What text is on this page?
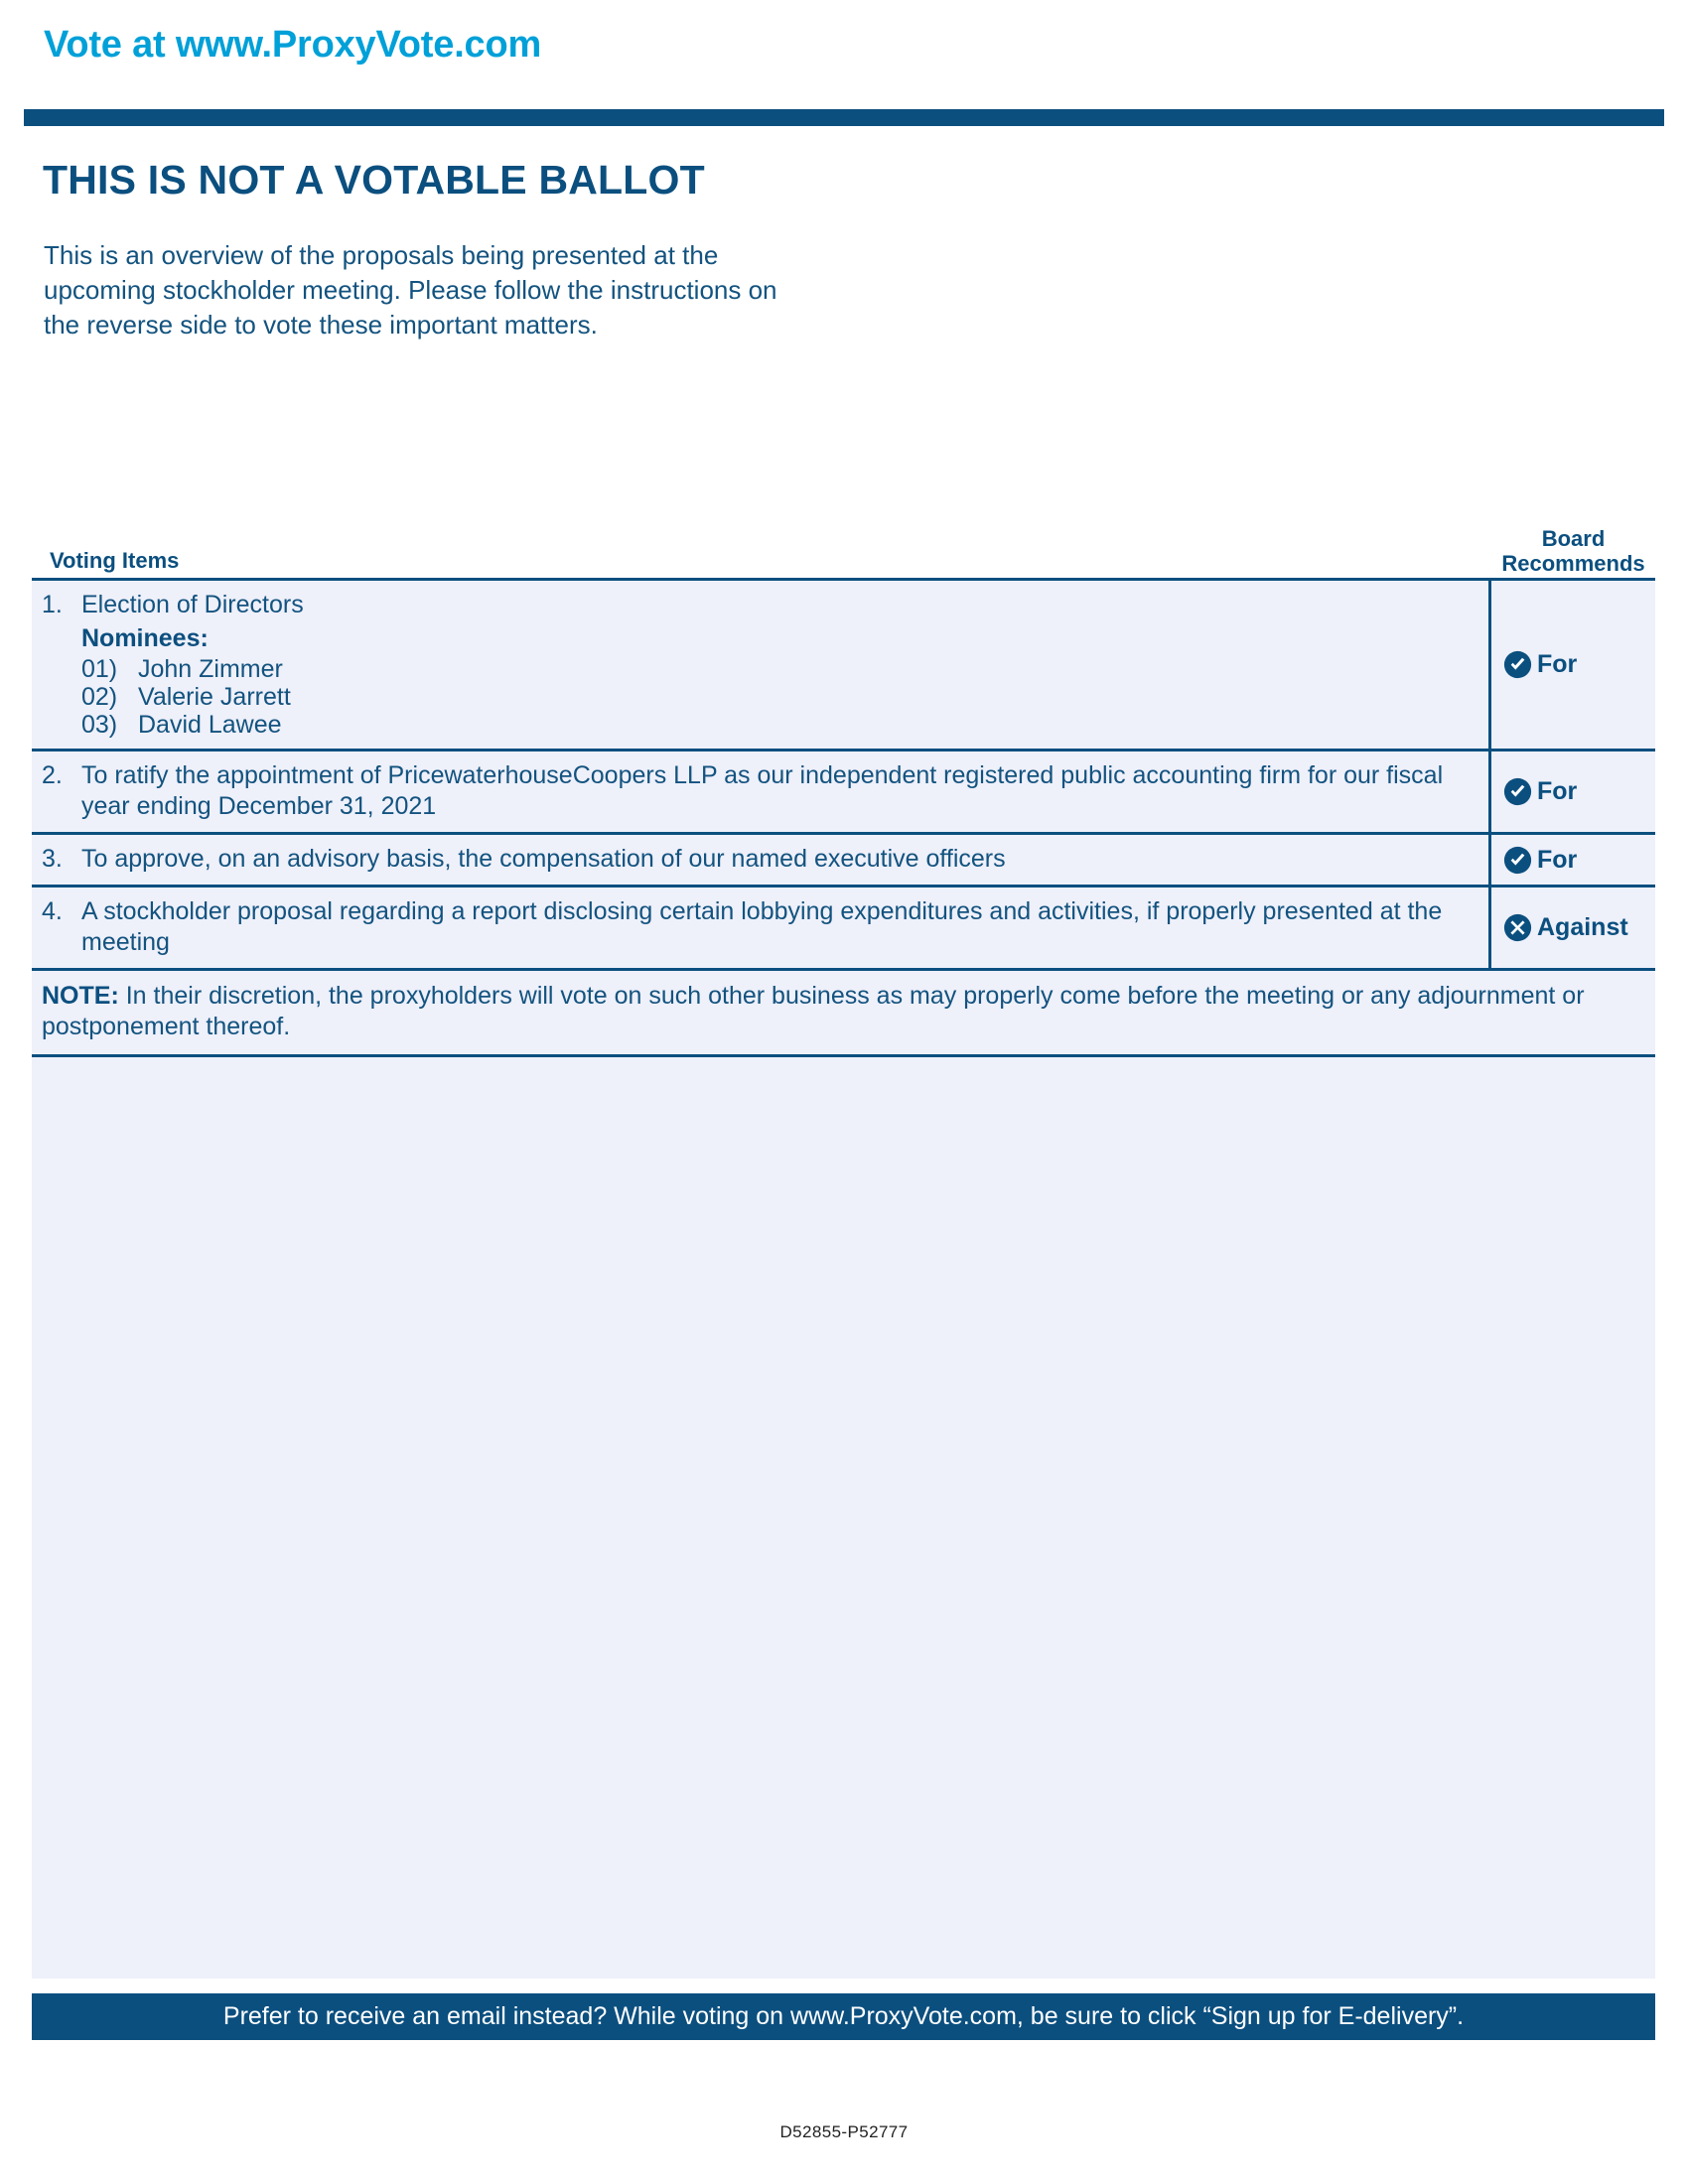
Vote at www.ProxyVote.com
THIS IS NOT A VOTABLE BALLOT
This is an overview of the proposals being presented at the
upcoming stockholder meeting. Please follow the instructions on
the reverse side to vote these important matters.
Voting Items
Board
Recommends
1. Election of Directors
Nominees:
01) John Zimmer
02) Valerie Jarrett
03) David Lawee
For
2. To ratify the appointment of PricewaterhouseCoopers LLP as our independent registered public accounting firm for our fiscal year ending December 31, 2021
For
3. To approve, on an advisory basis, the compensation of our named executive officers	For
4. A stockholder proposal regarding a report disclosing certain lobbying expenditures and activities, if properly presented at the meeting
Against
NOTE: In their discretion, the proxyholders will vote on such other business as may properly come before the meeting or any adjournment or postponement thereof.
Prefer to receive an email instead? While voting on www.ProxyVote.com, be sure to click “Sign up for E-delivery”.
D52855-P52777
